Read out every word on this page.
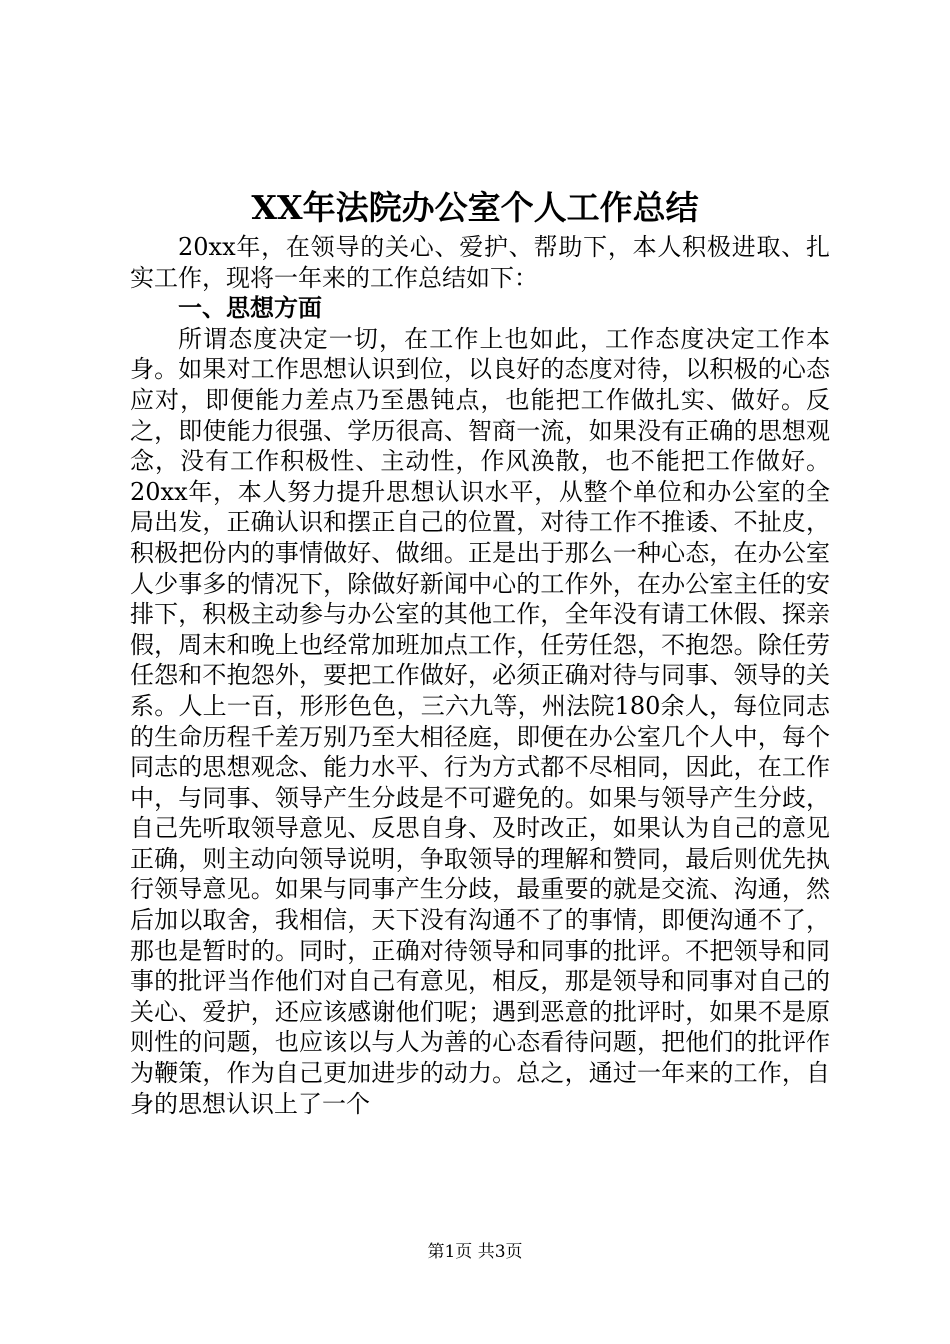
XX年法院办公室个人工作总结

20xx年，在领导的关心、爱护、帮助下，本人积极进取、扎实工作，现将一年来的工作总结如下：

一、思想方面

所谓态度决定一切，在工作上也如此，工作态度决定工作本身。如果对工作思想认识到位，以良好的态度对待，以积极的心态应对，即便能力差点乃至愚钝点，也能把工作做扎实、做好。反之，即使能力很强、学历很高、智商一流，如果没有正确的思想观念，没有工作积极性、主动性，作风涣散，也不能把工作做好。20xx年，本人努力提升思想认识水平，从整个单位和办公室的全局出发，正确认识和摆正自己的位置，对待工作不推诿、不扯皮，积极把份内的事情做好、做细。正是出于那么一种心态，在办公室人少事多的情况下，除做好新闻中心的工作外，在办公室主任的安排下，积极主动参与办公室的其他工作，全年没有请工休假、探亲假，周末和晚上也经常加班加点工作，任劳任怨，不抱怨。除任劳任怨和不抱怨外，要把工作做好，必须正确对待与同事、领导的关系。人上一百，形形色色，三六九等，州法院180余人，每位同志的生命历程千差万别乃至大相径庭，即便在办公室几个人中，每个同志的思想观念、能力水平、行为方式都不尽相同，因此，在工作中，与同事、领导产生分歧是不可避免的。如果与领导产生分歧，自己先听取领导意见、反思自身、及时改正，如果认为自己的意见正确，则主动向领导说明，争取领导的理解和赞同，最后则优先执行领导意见。如果与同事产生分歧，最重要的就是交流、沟通，然后加以取舍，我相信，天下没有沟通不了的事情，即便沟通不了，那也是暂时的。同时，正确对待领导和同事的批评。不把领导和同事的批评当作他们对自己有意见，相反，那是领导和同事对自己的关心、爱护，还应该感谢他们呢；遇到恶意的批评时，如果不是原则性的问题，也应该以与人为善的心态看待问题，把他们的批评作为鞭策，作为自己更加进步的动力。总之，通过一年来的工作，自身的思想认识上了一个

第1页 共3页
